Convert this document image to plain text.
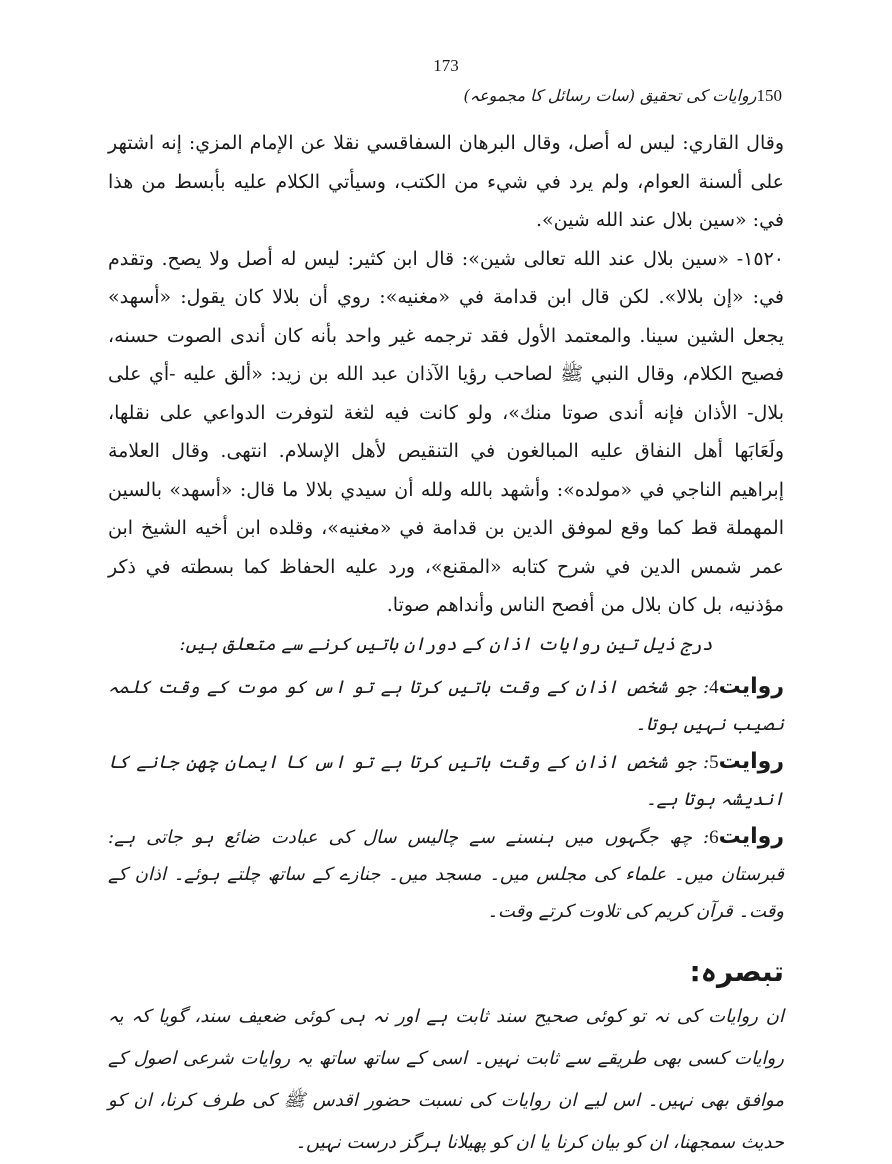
173
150روایات کی تحقیق (سات رسائل کا مجموعہ)

وقال القاري: ليس له أصل، وقال البرهان السفاقسي نقلا عن الإمام المزي: إنه اشتهر على ألسنة العوام، ولم يرد في شيء من الكتب، وسيأتي الكلام عليه بأبسط من هذا في: «سين بلال عند الله شين».

١٥٢٠- «سين بلال عند الله تعالى شين»: قال ابن كثير: ليس له أصل ولا يصح. وتقدم في: «إن بلالا». لكن قال ابن قدامة في «مغنيه»: روي أن بلالا كان يقول: «أسهد» يجعل الشين سينا. والمعتمد الأول فقد ترجمه غير واحد بأنه كان أندى الصوت حسنه، فصيح الكلام، وقال النبي ﷺ لصاحب رؤيا الآذان عبد الله بن زيد: «ألق عليه -أي على بلال- الأذان فإنه أندى صوتا منك»، ولو كانت فيه لثغة لتوفرت الدواعي على نقلها، ولَعَابَها أهل النفاق عليه المبالغون في التنقيص لأهل الإسلام. انتهى. وقال العلامة إبراهيم الناجي في «مولده»: وأشهد بالله ولله أن سيدي بلالا ما قال: «أسهد» بالسين المهملة قط كما وقع لموفق الدين بن قدامة في «مغنيه»، وقلده ابن أخيه الشيخ ابن عمر شمس الدين في شرح كتابه «المقنع»، ورد عليه الحفاظ كما بسطته في ذكر مؤذنيه، بل كان بلال من أفصح الناس وأنداهم صوتا.

درج ذیل تین روایات اذان کے دوران باتیں کرنے سے متعلق ہیں:

روایت4: جو شخص اذان کے وقت باتیں کرتا ہے تو اس کو موت کے وقت کلمہ نصیب نہیں ہوتا۔

روایت5: جو شخص اذان کے وقت باتیں کرتا ہے تو اس کا ایمان چھن جانے کا اندیشہ ہوتا ہے۔

روایت6: چھ جگہوں میں ہنسنے سے چالیس سال کی عبادت ضائع ہو جاتی ہے: قبرستان میں۔ علماء کی مجلس میں۔ مسجد میں۔ جنازے کے ساتھ چلتے ہوئے۔ اذان کے وقت۔ قرآن کریم کی تلاوت کرتے وقت۔

تبصرہ:

ان روایات کی نہ تو کوئی صحیح سند ثابت ہے اور نہ ہی کوئی ضعیف سند، گویا کہ یہ روایات کسی بھی طریقے سے ثابت نہیں۔ اسی کے ساتھ ساتھ یہ روایات شرعی اصول کے موافق بھی نہیں۔ اس لیے ان روایات کی نسبت حضور اقدس ﷺ کی طرف کرنا، ان کو حدیث سمجھنا، ان کو بیان کرنا یا ان کو پھیلانا ہرگز درست نہیں۔
